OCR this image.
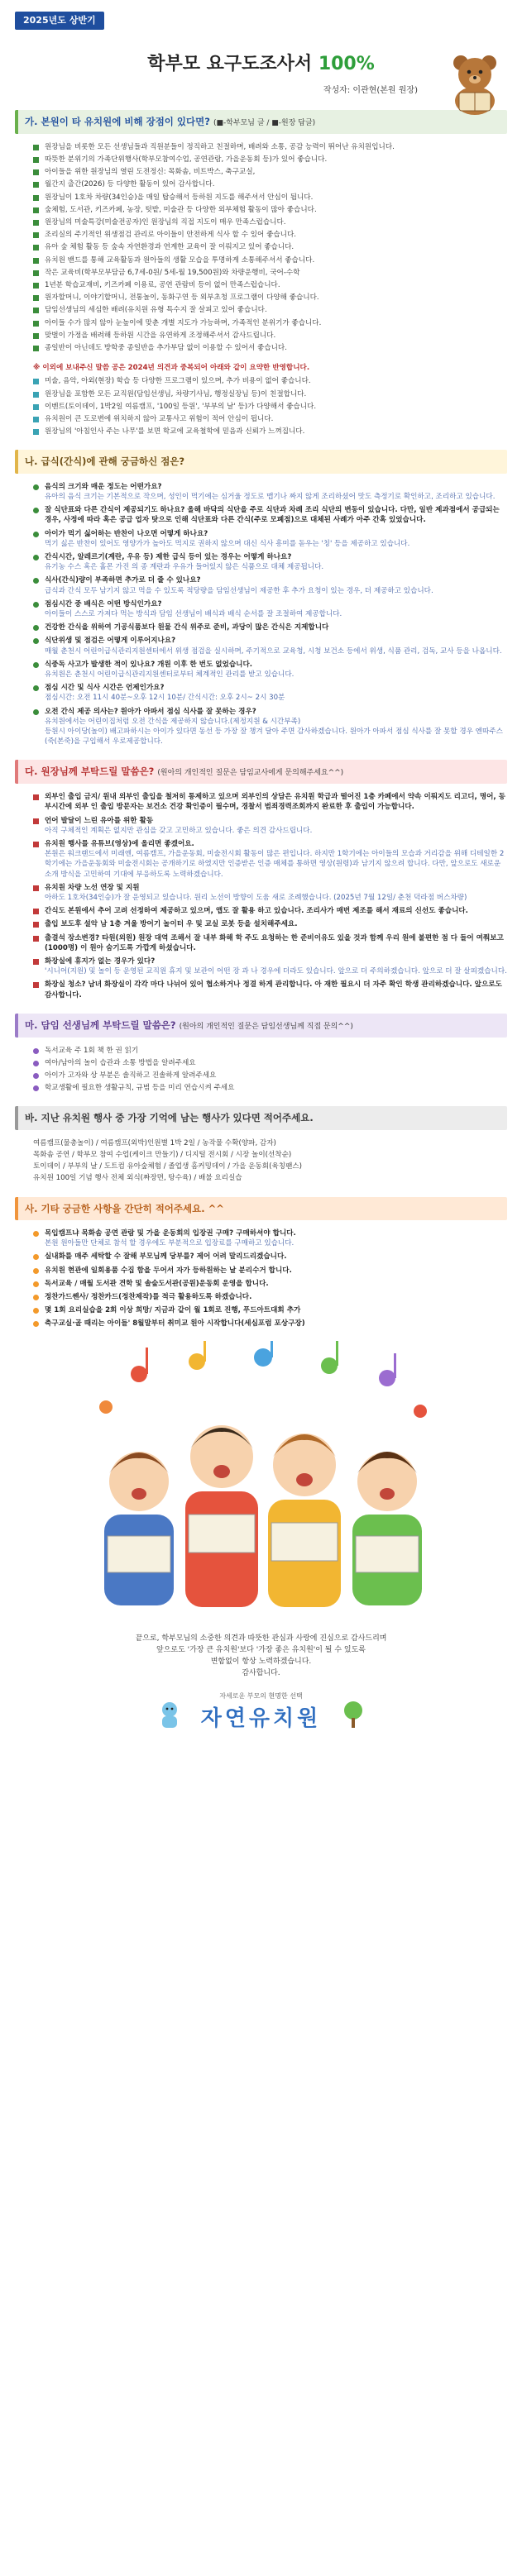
2025년도 상반기
학부모 요구도조사서 100%
작성자: 이관현(본원 원장)
가. 본원이 타 유치원에 비해 장점이 있다면? (■-학부모님 글 / ■-원장 답글)
원장님을 비롯한 모든 선생님들과 직원분들이 정직하고 친절하며, 배려와 소통, 공감 능력이 뛰어난 유치원입니다.
따뜻한 분위기의 가족단위행사(학부모참여수업, 공연관람, 가을운동회 등)가 있어 좋습니다.
아이들을 위한 원장님의 열린 도전정신: 목화솜, 비트박스, 축구교실,
월간지 출간(2026) 등 다양한 활동이 있어 감사합니다.
원장님이 1호차 차량(34인승)을 매일 탑승해서 등하원 지도를 해주셔서 안심이 됩니다.
숲체험, 도서관, 키즈카페, 농장, 텃밭, 미술관 등 다양한 외부체험 활동이 많아 좋습니다.
원장님의 미술특강(미술전공자)인 원장님의 직접 지도이 매우 만족스럽습니다.
조리실의 주기적인 위생점검 관리로 아이들이 안전하게 식사 할 수 있어 좋습니다.
유아 숲 체험 활동 등 숲속 자연환경과 연계한 교육이 잘 이뤄지고 있어 좋습니다.
유치원 밴드를 통해 교육활동과 원아들의 생활 모습을 투명하게 소통해주셔서 좋습니다.
작은 교육비(학부모부담금 6,7세-0원/ 5세-월 19,500원)와 차량운행비, 국어-수학
1년분 학습교재비, 키즈카페 이용료, 공연 관람비 등이 없어 만족스럽습니다.
원자할머니, 이야기할머니, 전통놀이, 동화구연 등 외부초청 프로그램이 다양해 좋습니다.
담임선생님의 세심한 배려(유치원 유형 특수지 잘 살피고 있어 좋습니다.
아이들 수가 많지 않아 눈높이에 맞춘 개별 지도가 가능하며, 가족적인 분위기가 좋습니다.
맞벌이 가정을 배려해 등하원 시간을 유연하게 조정해주셔서 감사드립니다.
종일반이 아닌데도 방학중 종일반을 추가부담 없이 이용할 수 있어서 좋습니다.
※ 이외에 보내주신 말씀 공은 2024년 의견과 중복되어 아래와 같이 요약한 반영합니다.
미술, 음악, 아외(현장) 학습 등 다양한 프로그램이 있으며, 추가 비용이 없어 좋습니다.
원장님을 포함한 모든 교직원(담임선생님, 차량기사님, 행정실장님 등)이 친절합니다.
이벤트(토이데이, 1박2일 여름캠프, '100일 등원', '부부의 날' 등)가 다양해서 좋습니다.
유치원이 큰 도로변에 위치하지 않아 교통사고 위험이 적어 안심이 됩니다.
원장님의 '아침인사 주는 나무'를 보면 학교에 교육철학에 믿음과 신뢰가 느껴집니다.
나. 급식(간식)에 관해 궁금하신 점은?
음식의 크기와 매운 정도는 어떤가요?
유아의 음식 크기는 기본적으로 작으며, 성인이 먹기에는 심거울 정도로 맵기나 짜지 않게 조리하셨어 맛도 측정기로 확인하고, 조리하고 있습니다.
잘 식단표와 다른 간식이 제공되기도 하나요? 올해 바닥의 식단을 주로 식단과 차례 조리 식단의 변동이 있습니다. 다만, 일반 제과점에서 공급되는 경우, 사정에 따라 혹은 공급 업자 탓으로 인해 식단표와 다른 간식(주로 모폐점)으로 대체된 사례가 아주 간혹 있었습니다.
아이가 먹기 싫어하는 반찬이 나오면 어떻게 하나요?
먹기 싫은 반찬이 있어도 영양가가 높아도 먹지로 권하지 않으며 대신 식사 흥미를 돋우는 '칭' 등을 제공하고 있습니다.
간식시간, 알레르기(계란, 우유 등) 제한 급식 등이 있는 경우는 어떻게 하나요?
유기농 수스 혹은 홀몬 가진 의 종 계란과 우유가 들어있지 않은 식품으로 대체 제공됩니다.
식사(간식)량이 부족하면 추가로 더 줄 수 있나요?
급식과 간식 모두 남기지 않고 먹을 수 있도록 적당량을 담임선생님이 제공한 후 추가 요청이 있는 경우, 더 제공하고 있습니다.
점심시간 중 배식은 어떤 방식인가요?
아이들이 스스로 가져다 먹는 방식과 담임 선생님이 배식과 배식 순서를 잘 조절하여 제공합니다.
건강한 간식을 위하여 기공식품보다 원물 간식 위주로 준비, 과당이 많은 간식은 지제합니다
식단위생 및 점검은 어떻게 이루어지나요?
매월 춘천시 어린이급식관리지원센터에서 위생 점검을 실시하며, 주기적으로 교육청, 시청 보건소 등에서 위생, 식품 관리, 검독, 교사 등을 나옵니다.
식중독 사고가 발생한 적이 있나요? 개원 이후 한 번도 없었습니다.
유치원은 춘천시 어린이급식관리지원센터로부터 체계적인 관리를 받고 있습니다.
점심 시간 및 식사 시간은 언제인가요?
점심시간: 오전 11시 40분~오후 12시 10분/ 간식시간: 오후 2시~ 2시 30분
오전 간식 제공 의사는? 원아가 아파서 점심 식사를 잘 못하는 경우?
유치원에서는 어린이집처럼 오전 간식을 제공하지 않습니다.(제정지원 & 시간부족)
등원시 아이당(놀이) 배고파하시는 아이가 있다면 동선 등 가장 잘 챙겨 달아 주면 감사하겠습니다. 원아가 아파서 점심 식사를 잘 못할 경우 엔따주스(죽(본죽)을 구입해서 우로제공합니다.
다. 원장님께 부탁드릴 말씀은? (원아의 개인적인 질문은 담임교사에게 문의해주세요^^)
외부인 출입 금지/ 원내 외부인 출입을 철저히 통제하고 있으며 외부인의 상담은 유치원 학급과 떨어진 1층 카페에서 약속 이뤄지도 리고디, 명어, 동부시간에 외부 인 출입 방문자는 보건소 건강 확인증이 필수며, 경찰서 범죄경력조회까지 완료한 후 출입이 가능합니다.
언어 발달이 느린 유아를 위한 활동
아직 구체적인 계획은 없지만 관심을 갖고 고민하고 있습니다. 좋은 의견 감사드립니다.
유치원 행사를 유튜브(영상)에 올리면 좋겠어요.
본원은 워크랜드에서 미래엔, 여름캠프, 가을운동회, 미술전시회 활동이 많은 편입니다. 하지만 1학기에는 아이들의 모습과 거리감을 위해 디테일한 2학기에는 가을운동회와 미술전시회는 공개하기로 하였지만 인증받은 인증 매체를 통하면 영상(원령)과 남기지 않으려 합니다. 다만, 앞으로도 새로운 소개 방식을 고민하여 기대에 부응하도록 노력하겠습니다.
유치원 차량 노선 연장 및 지원
아하도 1호차(34인승)가 잘 운영되고 있습니다. 원리 노선이 방향이 도움 새로 조례했습니다. (2025년 7월 12일/ 춘천 덕라점 버스차량)
간식도 본원에서 추어 고려 선정하여 제공하고 있으며, 앱도 잘 활용 하고 있습니다. 조리사가 매번 제조를 해서 재료의 신선도 좋습니다.
출입 보도후 설악 남 1층 겨울 방어기 놀이터 우 및 교실 로봇 등을 설치해주세요.
출결석 장소변경? 타원(외원) 원장 대역 조해서 잘 내부 화해 학 주도 요청하는 한 준비이유도 있을 것과 함께 우리 원에 불편한 점 다 들어 여쭤보고 (1000명) 이 원아 숨기도록 가깝게 하셨습니다.
화장실에 휴지가 없는 경우가 있다?
'시니어(지원) 및 놀이 등 운영된 교직원 휴지 및 보관이 어떤 장 과 나 경우에 더라도 있습니다. 앞으로 더 주의하겠습니다. 앞으로 더 잘 살피겠습니다.
화장실 청소? 남녀 화장실이 각각 마다 나뉘어 있어 협소하거나 정결 하게 관리합니다. 아 재한 필요시 더 자주 확인 학생 관리하겠습니다. 앞으로도 감사합니다.
마. 담임 선생님께 부탁드릴 말씀은? (원아의 개인적인 질문은 담임선생님께 직접 문의^^)
독서교육 주 1회 책 한 권 읽기
여아/남아의 놀이 습관과 소통 방법을 알려주세요
아이가 고자와 상 부분은 솔직하고 진솔하게 알려주세요
학교생활에 필요한 생활규칙, 규범 등을 미리 연습시켜 주세요
바. 지난 유치원 행사 중 가장 기억에 남는 행사가 있다면 적어주세요.
여름캠프(물총놀이) / 여름캠프(외박)인원별 1박 2일 / 농작물 수확(양파, 감자)
목화솜 공연 / 학부모 참여 수업(케이크 만들기) / 디지털 전시회 / 시장 놀이(선착순)
토이데이 / 부부의 날 / 도트컴 유아숲체험 / 졸업생 홈커밍데이 / 가을 운동회(육칭팬스)
유치원 100일 기념 행사 전체 외식(짜장면, 탕수육) / 배불 요리실습
사. 기타 궁금한 사항을 간단히 적어주세요. ^^
목입캠프냐 목화솜 공연 관람 및 가을 운동회의 입장권 구매? 구매하셔야 합니다.
본원 원아들만 단체로 참석 할 경우에도 부분적으로 입장료를 구매하고 있습니다.
실내화를 매주 세탁할 수 잘해 부모님께 당부를? 제어 어려 말리드리겠습니다.
유치원 현관에 일회용품 수집 함을 두어서 자가 등하원하는 날 분리수거 합니다.
독서교육 / 매월 도서관 견학 및 솔숲도서관(공원)운동회 운영을 합니다.
정찬가드쎈사/ 정찬카드(정찬제작)를 적극 활용하도록 하겠습니다.
몇 1회 요리실습을 2회 이상 희망/ 지금과 같이 월 1회로 진행, 푸드아트대회 추가
축구교실·골 때리는 아이들' 8월말부터 취미교 원아 시작합니다(세심포럼 포상구장)
끝으로, 학부모님의 소중한 의견과 따뜻한 관심과 사랑에 진심으로 감사드리며
앞으로도 '가장 큰 유치원'보다 '가장 좋은 유치원'이 될 수 있도록
변함없이 항상 노력하겠습니다.
감사합니다.
자세로운 부모의 현명한 선택
자연유치원
